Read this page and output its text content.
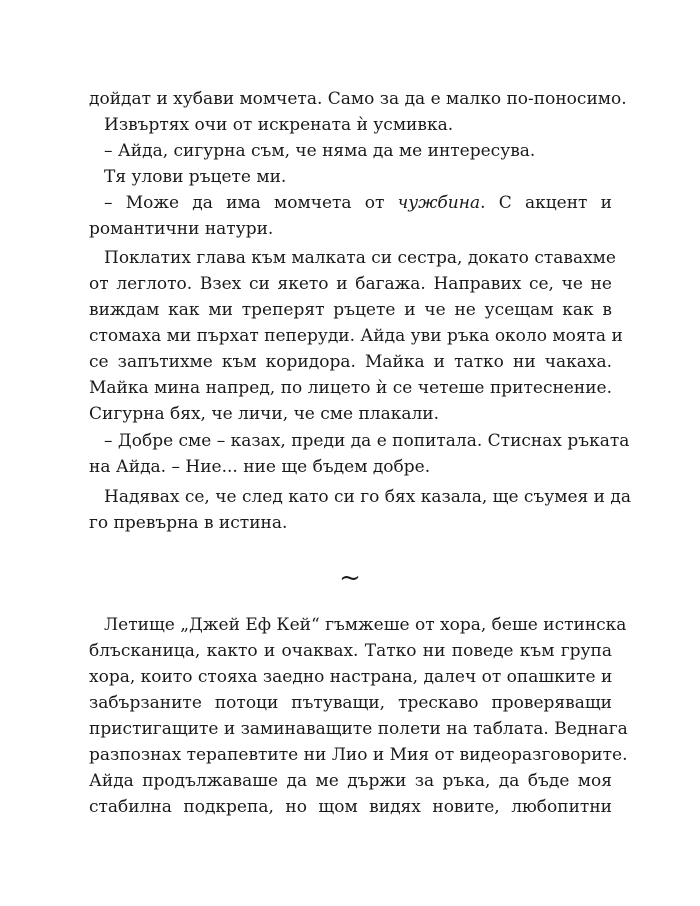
дойдат и хубави момчета. Само за да е малко по-поносимо.
Извъртях очи от искрената ѝ усмивка.
– Айда, сигурна съм, че няма да ме интересува.
Тя улови ръцете ми.
– Може да има момчета от чужбина. С акцент и
романтични натури.
Поклатих глава към малката си сестра, докато ставахме
от леглото. Взех си якето и багажа. Направих се, че не
виждам как ми треперят ръцете и че не усещам как в
стомаха ми пърхат пеперуди. Айда уви ръка около моята и
се запътихме към коридора. Майка и татко ни чакаха.
Майка мина напред, по лицето ѝ се четеше притеснение.
Сигурна бях, че личи, че сме плакали.
– Добре сме – казах, преди да е попитала. Стиснах ръката
на Айда. – Ние... ние ще бъдем добре.
Надявах се, че след като си го бях казала, ще съумея и да
го превърна в истина.
~
Летище „Джей Еф Кей“ гъмжеше от хора, беше истинска
блъсканица, както и очаквах. Татко ни поведе към група
хора, които стояха заедно настрана, далеч от опашките и
забързаните потоци пътуващи, трескаво проверяващи
пристигащите и заминаващите полети на таблата. Веднага
разпознах терапевтите ни Лио и Мия от видеоразговорите.
Айда продължаваше да ме държи за ръка, да бъде моя
стабилна подкрепа, но щом видях новите, любопитни
